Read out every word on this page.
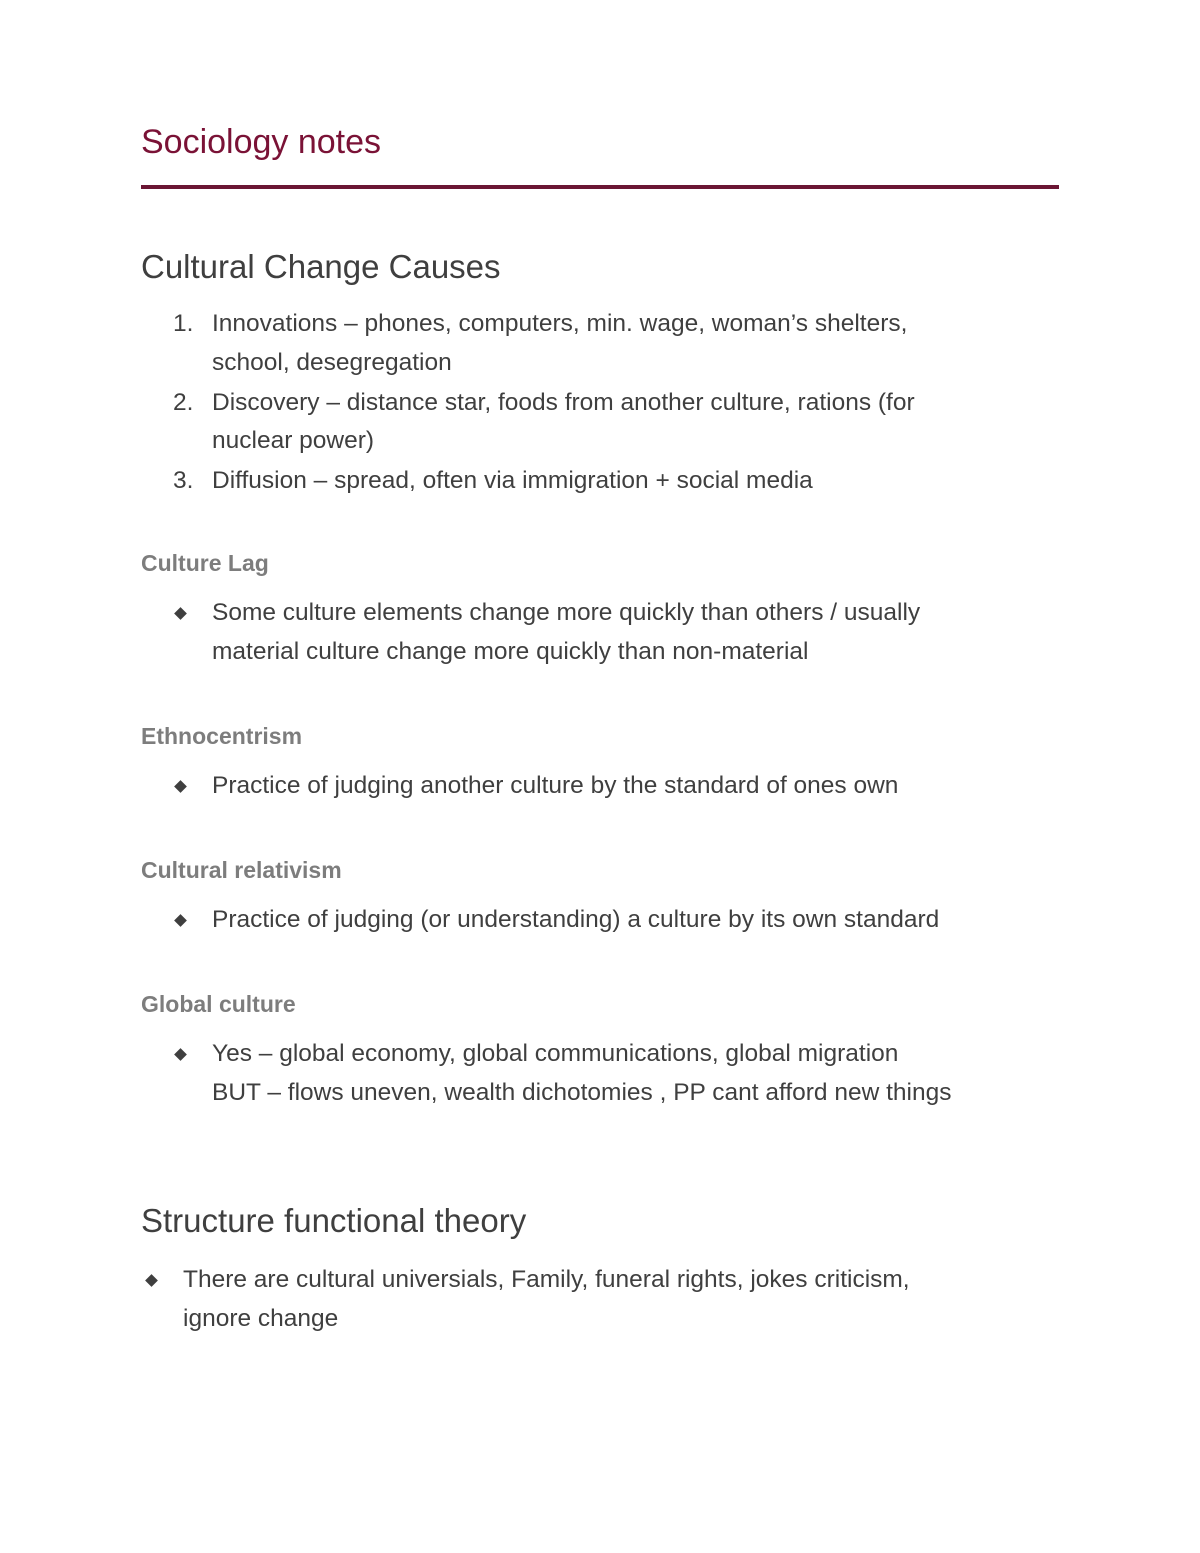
Sociology notes
Cultural Change Causes
1. Innovations – phones, computers, min. wage, woman’s shelters,
school, desegregation
2. Discovery – distance star, foods from another culture, rations (for
nuclear power)
3. Diffusion – spread, often via immigration + social media
Culture Lag
Some culture elements change more quickly than others / usually
material culture change more quickly than non-material
Ethnocentrism
Practice of judging another culture by the standard of ones own
Cultural relativism
Practice of judging (or understanding) a culture by its own standard
Global culture
Yes – global economy, global communications, global migration
BUT – flows uneven, wealth dichotomies , PP cant afford new things
Structure functional theory
There are cultural universials, Family, funeral rights, jokes criticism,
ignore change
